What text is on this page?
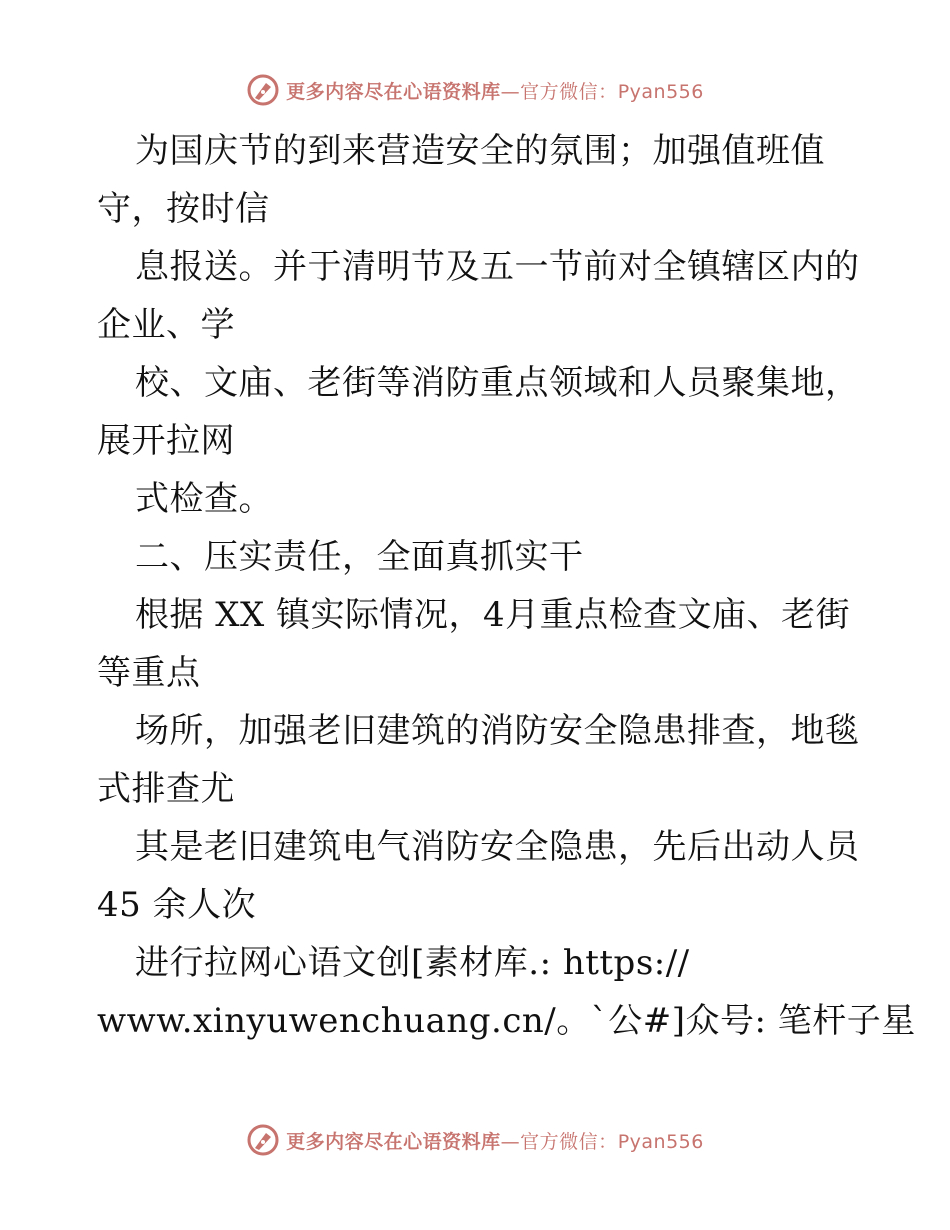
更多内容尽在心语资料库—官方微信：Pyan556
为国庆节的到来营造安全的氛围；加强值班值
守，按时信
息报送。并于清明节及五一节前对全镇辖区内的
企业、学
校、文庙、老街等消防重点领域和人员聚集地，
展开拉网
式检查。
二、压实责任，全面真抓实干
根据 XX 镇实际情况，4月重点检查文庙、老街
等重点
场所，加强老旧建筑的消防安全隐患排查，地毯
式排查尤
其是老旧建筑电气消防安全隐患，先后出动人员
45 余人次
进行拉网心语文创[素材库.: https://
www.xinyuwenchuang.cn/。`公#]众号: 笔杆子星
更多内容尽在心语资料库—官方微信：Pyan556
